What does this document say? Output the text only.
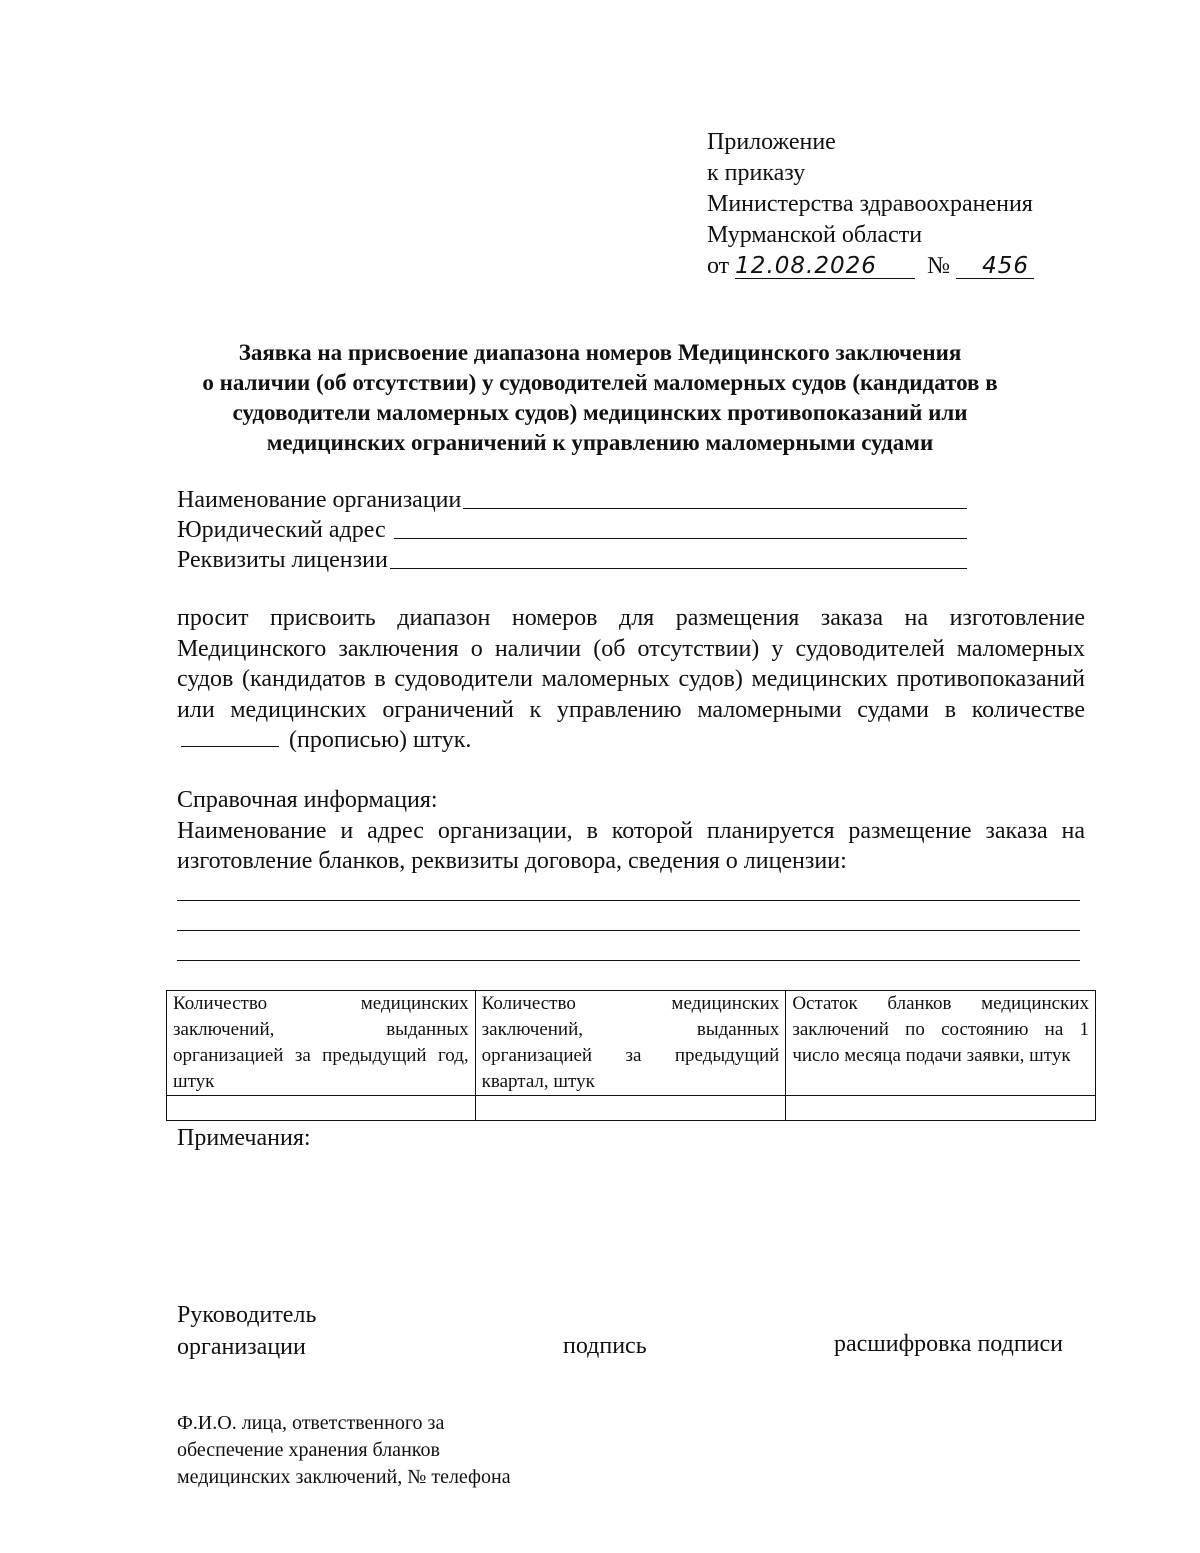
Приложение
к приказу
Министерства здравоохранения
Мурманской области
от 12.08.2026 № 456
Заявка на присвоение диапазона номеров Медицинского заключения
о наличии (об отсутствии) у судоводителей маломерных судов (кандидатов в
судоводители маломерных судов) медицинских противопоказаний или
медицинских ограничений к управлению маломерными судами
Наименование организации
Юридический адрес
Реквизиты лицензии
просит присвоить диапазон номеров для размещения заказа на изготовление Медицинского заключения о наличии (об отсутствии) у судоводителей маломерных судов (кандидатов в судоводители маломерных судов) медицинских противопоказаний или медицинских ограничений к управлению маломерными судами в количестве  (прописью) штук.
Справочная информация:
Наименование и адрес организации, в которой планируется размещение заказа на изготовление бланков, реквизиты договора, сведения о лицензии:
Количество медицинских заключений, выданных организацией за предыдущий год, штук	Количество медицинских заключений, выданных организацией за предыдущий квартал, штук	Остаток бланков медицинских заключений по состоянию на 1 число месяца подачи заявки, штук

Примечания:
Руководитель
организации	подпись	расшифровка подписи
Ф.И.О. лица, ответственного за
обеспечение хранения бланков
медицинских заключений, № телефона
